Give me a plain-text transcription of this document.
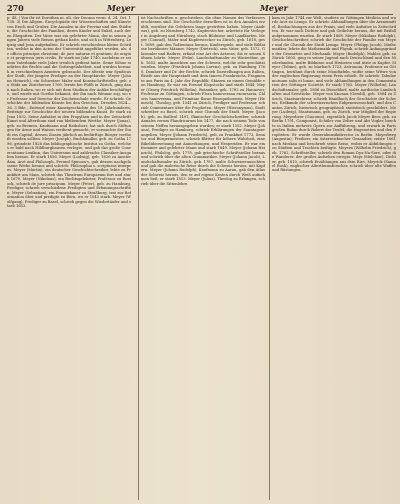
270	Meyer	Meyer
p. 48. | Von ihr ist Dorothea m. ult. der Decano verm. d. 24. Oct. 1738. 3) Die Allgem. Encyclopädie der Wissenschaften und Künste von Ersch und Gruber. Die Annalen in der Provinz und den Städten, die Geschichte der Familien, deren Kinder und Enkel, auch deren Ehegatten. Der Vater war ein gelehrter Mann, der in seinen jungen Jahren viele Reisen gethan hatte, und sich in Wittenberg, Leipzig und Jena aufgehalten. Er schrieb verschiedene kleine Schriften, welche in den Acten der Universität angeführt werden, als: de officio principis christiani; de jure naturae et gentium; de origine et progressu juris civilis. Er starb im Jahr 1740, nachdem er seinem Vaterlande viele Jahre treulich gedient hatte. Seine Söhne studirten die Rechte und die Gottesgelahrtheit, und wurden hernach in verschiedenen Aemtern gebraucht. Der älteste war Syndicus der Stadt, der jüngere Prediger an der Hauptkirche. Meyer (Johann Heinrich), ein Schweizer Maler und Kunstschriftsteller, geb. zu Stäfa am Zürichersee 1760, lernte bei Füßli in Zürich, ging dann nach Italien, wo er sich mit dem Studium der Antike beschäftigte, und wurde mit Goethe bekannt, der ihn nach Weimar zog, wo er Professor und Director der Zeichenschule wurde. Er schrieb: Geschichte der bildenden Künste bei den Griechen, Dresden 1824—36, 3 Bde.; Entwurf einer Kunstgeschichte des 18. Jahrhunderts; Beiträge zur Geschichte der neuern bildenden Kunst. Er starb zu Jena 1832. Seine Aufsätze in den Propyläen und in der Zeitschrift Kunst und Alterthum sind von bleibendem Werthe. Meyer (Jonas), geb. zu Bremen, Kaufmann und Rathsherr, hat sich durch Stiftungen für Arme und Waisen verdient gemacht; er vermachte der Stadt ein Capital, dessen Zinsen jährlich an bedürftige Bürger vertheilt werden sollten. Meyer (Joseph), Buchhändler, geb. zu Gotha 1796, gründete 1826 das bibliographische Institut zu Gotha, welches er bald nach Hildburghausen verlegte, und gab das große Conversations-Lexikon, das Universum und zahlreiche Classiker-Ausgaben heraus. Er starb 1856. Meyer (Ludwig), geb. 1626 zu Amsterdam, Arzt und Philosoph, Freund Spinoza's, gab dessen nachgelassene Werke heraus und schrieb: Philosophia s. scripturae interpres. Meyer (Martin), ein deutscher Geschichtschreiber, lebte zu Frankfurt am Main, schrieb das Theatrum Europaeum fort und starb 1670. Meyer (Nikolaus), ein Rechtsgelehrter, Professor zu Rostock, schrieb de jure principum. Meyer (Peter), geb. zu Hamburg, Prediger, schrieb verschiedene Predigten und Erbauungsschriften. Meyer (Sebastian), ein Franziskaner zu Straßburg, trat zur Reformation über und predigte zu Bern, wo er 1545 starb. Meyer (Wolfgang), Prediger zu Basel, schrieb gegen die Wiedertäufer und starb 1653.
ist Nachschriften u. geschrieben, die ohne Namen des Verfassers erschienen sind. Die Geschichte derselben ist in den Annalen erzählt, worüber die Gelehrten lange gestritten haben. Meyer (Andreas), geb. zu Nürnberg 1742, Kupferstecher, arbeitete für Verleger in Augsburg und Nürnberg, stach Bildnisse und Landkarten. Meyer (Conrad), Maler und Kupferstecher zu Zürich, geb. 1618, gest. 1689, gab den Todtentanz heraus, Kinderspiele, und viele Bildnisse berühmter Männer. Meyer (Dietrich), sein Vater, geb. 1572, Glasmaler und Radirer, erfand eine Art des Aetzens, die er seinen Söhnen lehrte. Meyer (Felix), Landschaftsmaler zu Winterthur, geb. 1653, malte Ansichten aus der Schweiz, welche sehr geschätzt wurden. Meyer (Friedrich Johann Lorenz), geb. zu Hamburg 1760, Domherr und Dr. der Rechte, schrieb Darstellungen aus Italien, Briefe aus der Hauptstadt und dem Innern Frankreichs, Fragmente aus Paris im 4. Jahr der Republik; Skizzen zu einem Gemälde von Hamburg. Er war ein Freund Klopstocks und starb 1844. Meyer (Georg Friedrich Wilhelm), Botaniker, geb. 1782 zu Hannover, Professor zu Göttingen, schrieb Flora hanoverana excursoria, Chloris hanoverana, und Primitiae florae Essequeboensis. Meyer (Heinrich), Theolog, geb. 1541 zu Zürich, Prediger und Professor, schrieb Commentare über die Propheten. Meyer (Hieronymus), Stadtschreiber zu Basel, schrieb eine Chronik der Stadt. Meyer (Jacob), geb. zu Bailleul 1491, flämischer Geschichtschreiber, schrieb Annales rerum Flandricarum bis 1477, die nach seinem Tode von seinem Neffen herausgegeben wurden; er starb 1552. Meyer (Johann), Prediger zu Hamburg, schrieb Erklärungen der Sonntagsevangelien. Meyer (Johann Friedrich), geb. zu Frankfurt 1772, Senator und Bürgermeister, schrieb Blätter für höhere Wahrheit, eine Bibelübersetzung mit Anmerkungen, und Hesperiden. Er war ein frommer und gelehrter Mann und starb 1849. Meyer (Johann Heinrich), Philolog, geb. 1778, gab griechische Schriftsteller heraus und schrieb über die alten Grammatiker. Meyer (Johann Jacob), Landschaftsmaler zu Zürich, geb. 1787, malte Schweizeransichten und gab die malerische Reise durch die Schweiz heraus, mit Kupfern. Meyer (Johann Rudolph), Kaufmann zu Aarau, gab den Atlas der Schweiz heraus, den er auf eigene Kosten durch Weiß aufnehmen ließ; er starb 1813. Meyer (Julius), Theolog zu Erlangen, schrieb über die Sittenlehre.
kam in Jahr 1744 zur Welt, studirte zu Göttingen Medicin und wurde Arzt zu Lemgo. Er schrieb: Abhandlungen über die Arzneimittel, Beobachtungen aus der Praxis, und viele Aufsätze in Zeitschriften. Er war auch Dichter und gab Gedichte heraus, die mit Beifall aufgenommen wurden. Er starb 1808. Meyer (Nikolaus Rudolph), Geschichtschreiber, schrieb die Geschichte der Familie von Meyer und die Chronik der Stadt Lemgo. Meyer (Philipp Jacob), Mathematiker, lehrte die Mathematik und Physik, schrieb Anfangsgründe der Geometrie und Mechanik. Meyer (Rudolph), Mahler, geb. zu Zürich 1605, ging in seiner Jugend nach Deutschland und den Niederlanden, malte Bildnisse und Historien und ätzte in Kupfer. Meyer (Tobias), geb. zu Marbach 1723, Astronom, Professor zu Göttingen, berühmt durch seine Mondtafeln, wofür seine Witwe von der englischen Regierung einen Preis erhielt. Er schrieb: Tabulae motuum solis et lunae, und viele Abhandlungen in den Commentarien der Göttinger Societät. Er starb 1762. Meyer (Wilhelm), Landschaftsmaler, geb. 1806 zu Düsseldorf, malte nordische Landschaften und Seestücke. Meyer von Knonau (Gerold), geb. 1804 zu Zürich, Staatsarchivar, schrieb Handbuch der Geschichte der Schweiz, Erdkunde der schweizerischen Eidgenossenschaft, und den Canton Zürich, historisch geographisch statistisch geschildert. Meyer (Ludwig), Staatsmann, geb. zu Zürich, war Mitglied der Regierung. Meyerbeer (Giacomo), eigentlich Jacob Meyer Beer, geb. zu Berlin 1791, Componist, Schüler von Zelter und Abt Vogler, brachte in Italien mehrere Opern zur Aufführung, und erwarb in Paris großen Ruhm durch Robert der Teufel, die Hugenotten und den Propheten. Er wurde Generalmusikdirector in Berlin. Meyerberg (Augustin), Freiherr, ein österreichischer Gesandter, reiste 1661 nach Moskau und beschrieb seine Reise, wobei er Abbildungen von Städten und Trachten beifügte. Meyern (Wilhelm Friedrich), geb. 1762, Schriftsteller, schrieb den Roman Dya-Na-Sore, oder die Wanderer, der großes Aufsehen erregte. Meyr (Melchior), Dichter, geb. 1810, schrieb Erzählungen aus dem Ries. Meyrick (Samuel Rush), englischer Alterthumsforscher, schrieb über alte Waffen und Rüstungen.
